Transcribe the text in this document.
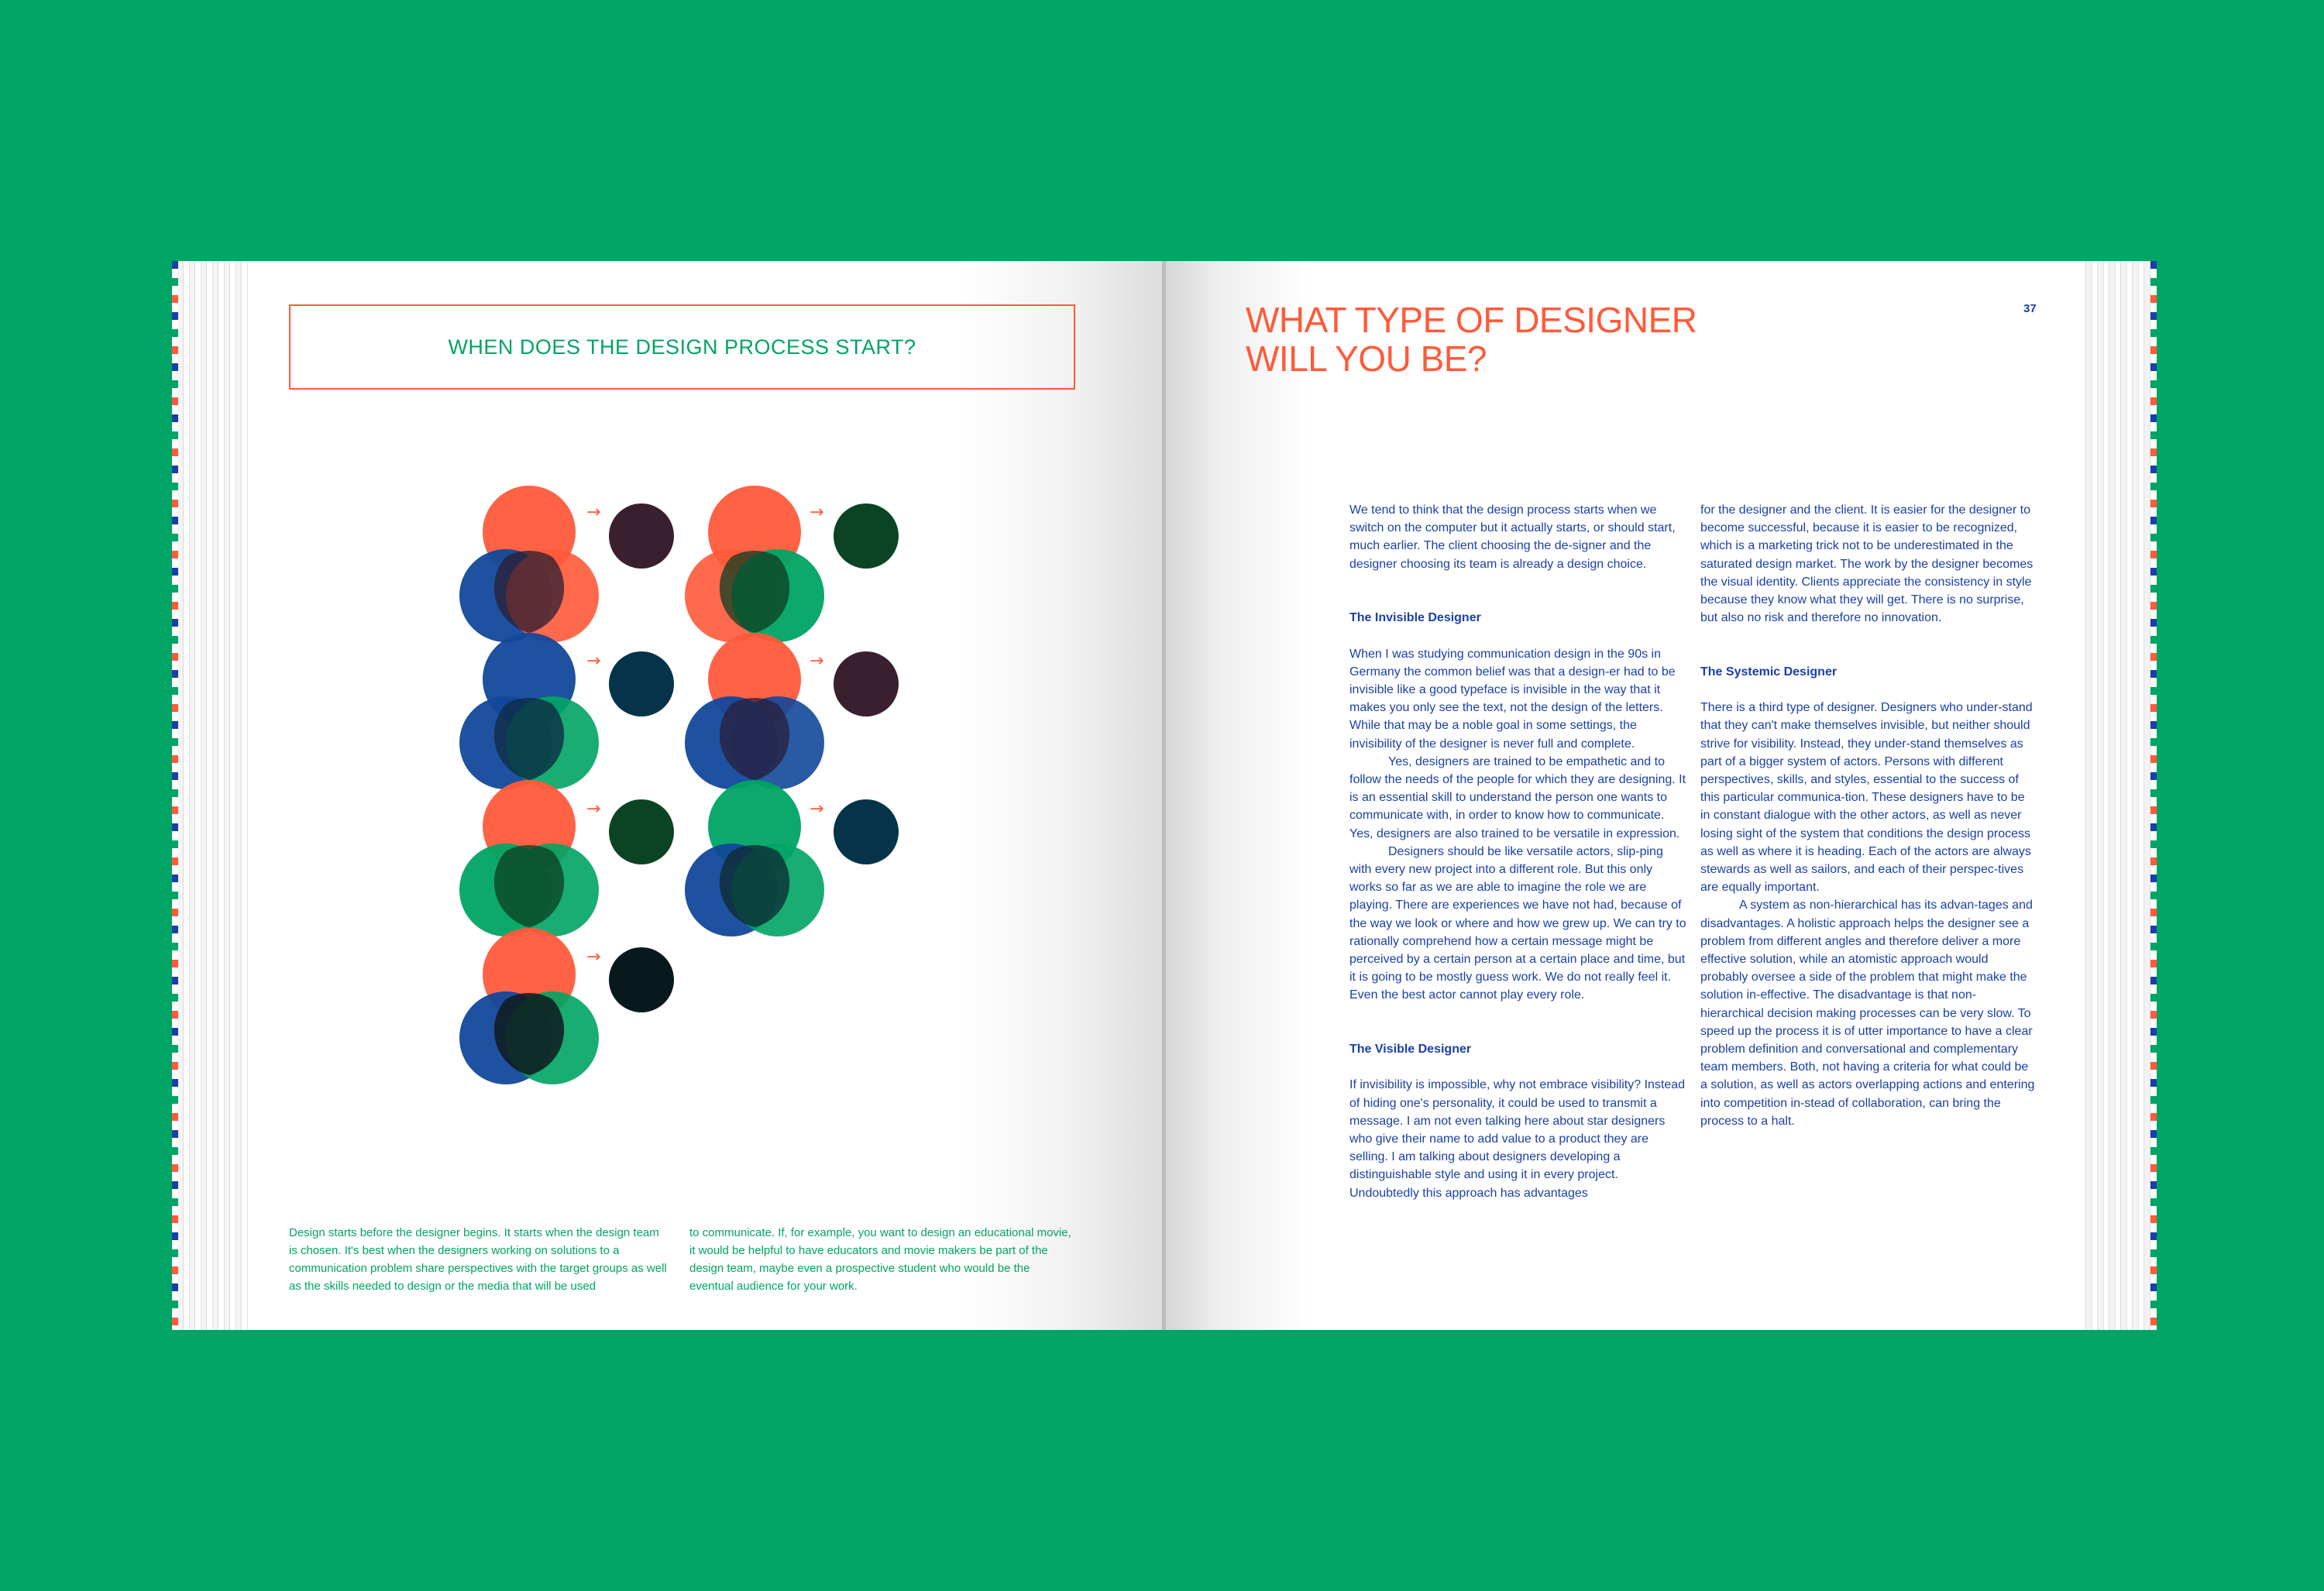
WHEN DOES THE DESIGN PROCESS START?
→	→
→	→
→	→
→
Design starts before the designer begins. It starts when the design team is chosen. It's best when the designers working on solutions to a communication problem share perspectives with the target groups as well as the skills needed to design or the media that will be used
to communicate. If, for example, you want to design an educational movie, it would be helpful to have educators and movie makers be part of the design team, maybe even a prospective student who would be the eventual audience for your work.
WHAT TYPE OF DESIGNER
WILL YOU BE?
37

We tend to think that the design process starts when we switch on the computer but it actually starts, or should start, much earlier. The client choosing the de-signer and the designer choosing its team is already a design choice.

The Invisible Designer

When I was studying communication design in the 90s in Germany the common belief was that a design-er had to be invisible like a good typeface is invisible in the way that it makes you only see the text, not the design of the letters. While that may be a noble goal in some settings, the invisibility of the designer is never full and complete.

Yes, designers are trained to be empathetic and to follow the needs of the people for which they are designing. It is an essential skill to understand the person one wants to communicate with, in order to know how to communicate. Yes, designers are also trained to be versatile in expression.

Designers should be like versatile actors, slip-ping with every new project into a different role. But this only works so far as we are able to imagine the role we are playing. There are experiences we have not had, because of the way we look or where and how we grew up. We can try to rationally comprehend how a certain message might be perceived by a certain person at a certain place and time, but it is going to be mostly guess work. We do not really feel it. Even the best actor cannot play every role.

The Visible Designer

If invisibility is impossible, why not embrace visibility? Instead of hiding one's personality, it could be used to transmit a message. I am not even talking here about star designers who give their name to add value to a product they are selling. I am talking about designers developing a distinguishable style and using it in every project. Undoubtedly this approach has advantages

for the designer and the client. It is easier for the designer to become successful, because it is easier to be recognized, which is a marketing trick not to be underestimated in the saturated design market. The work by the designer becomes the visual identity. Clients appreciate the consistency in style because they know what they will get. There is no surprise, but also no risk and therefore no innovation.

The Systemic Designer

There is a third type of designer. Designers who under-stand that they can't make themselves invisible, but neither should strive for visibility. Instead, they under-stand themselves as part of a bigger system of actors. Persons with different perspectives, skills, and styles, essential to the success of this particular communica-tion. These designers have to be in constant dialogue with the other actors, as well as never losing sight of the system that conditions the design process as well as where it is heading. Each of the actors are always stewards as well as sailors, and each of their perspec-tives are equally important.

A system as non-hierarchical has its advan-tages and disadvantages. A holistic approach helps the designer see a problem from different angles and therefore deliver a more effective solution, while an atomistic approach would probably oversee a side of the problem that might make the solution in-effective. The disadvantage is that non-hierarchical decision making processes can be very slow. To speed up the process it is of utter importance to have a clear problem definition and conversational and complementary team members. Both, not having a criteria for what could be a solution, as well as actors overlapping actions and entering into competition in-stead of collaboration, can bring the process to a halt.
